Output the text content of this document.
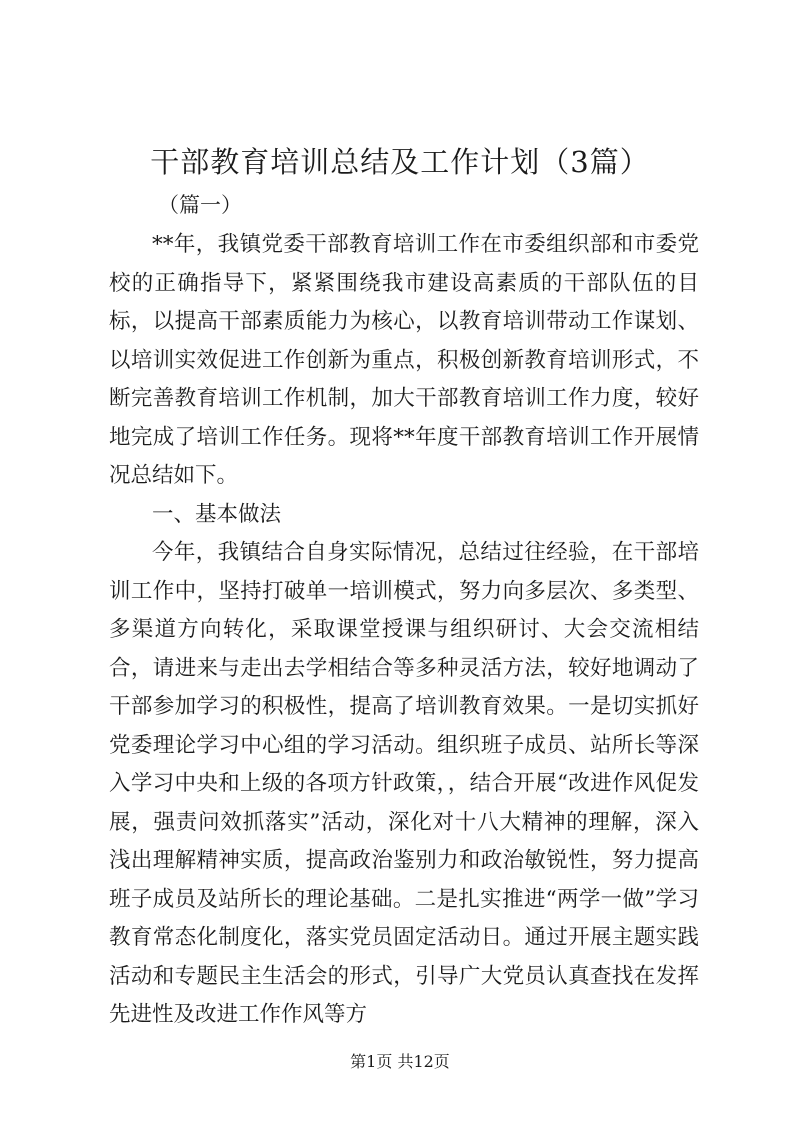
干部教育培训总结及工作计划（3篇）
（篇一）

**年，我镇党委干部教育培训工作在市委组织部和市委党校的正确指导下，紧紧围绕我市建设高素质的干部队伍的目标，以提高干部素质能力为核心，以教育培训带动工作谋划、以培训实效促进工作创新为重点，积极创新教育培训形式，不断完善教育培训工作机制，加大干部教育培训工作力度，较好地完成了培训工作任务。现将**年度干部教育培训工作开展情况总结如下。

一、基本做法

今年，我镇结合自身实际情况，总结过往经验，在干部培训工作中，坚持打破单一培训模式，努力向多层次、多类型、多渠道方向转化，采取课堂授课与组织研讨、大会交流相结合，请进来与走出去学相结合等多种灵活方法，较好地调动了干部参加学习的积极性，提高了培训教育效果。一是切实抓好党委理论学习中心组的学习活动。组织班子成员、站所长等深入学习中央和上级的各项方针政策，，结合开展“改进作风促发展，强责问效抓落实”活动，深化对十八大精神的理解，深入浅出理解精神实质，提高政治鉴别力和政治敏锐性，努力提高班子成员及站所长的理论基础。二是扎实推进“两学一做”学习教育常态化制度化，落实党员固定活动日。通过开展主题实践活动和专题民主生活会的形式，引导广大党员认真查找在发挥先进性及改进工作作风等方

第1页 共12页
